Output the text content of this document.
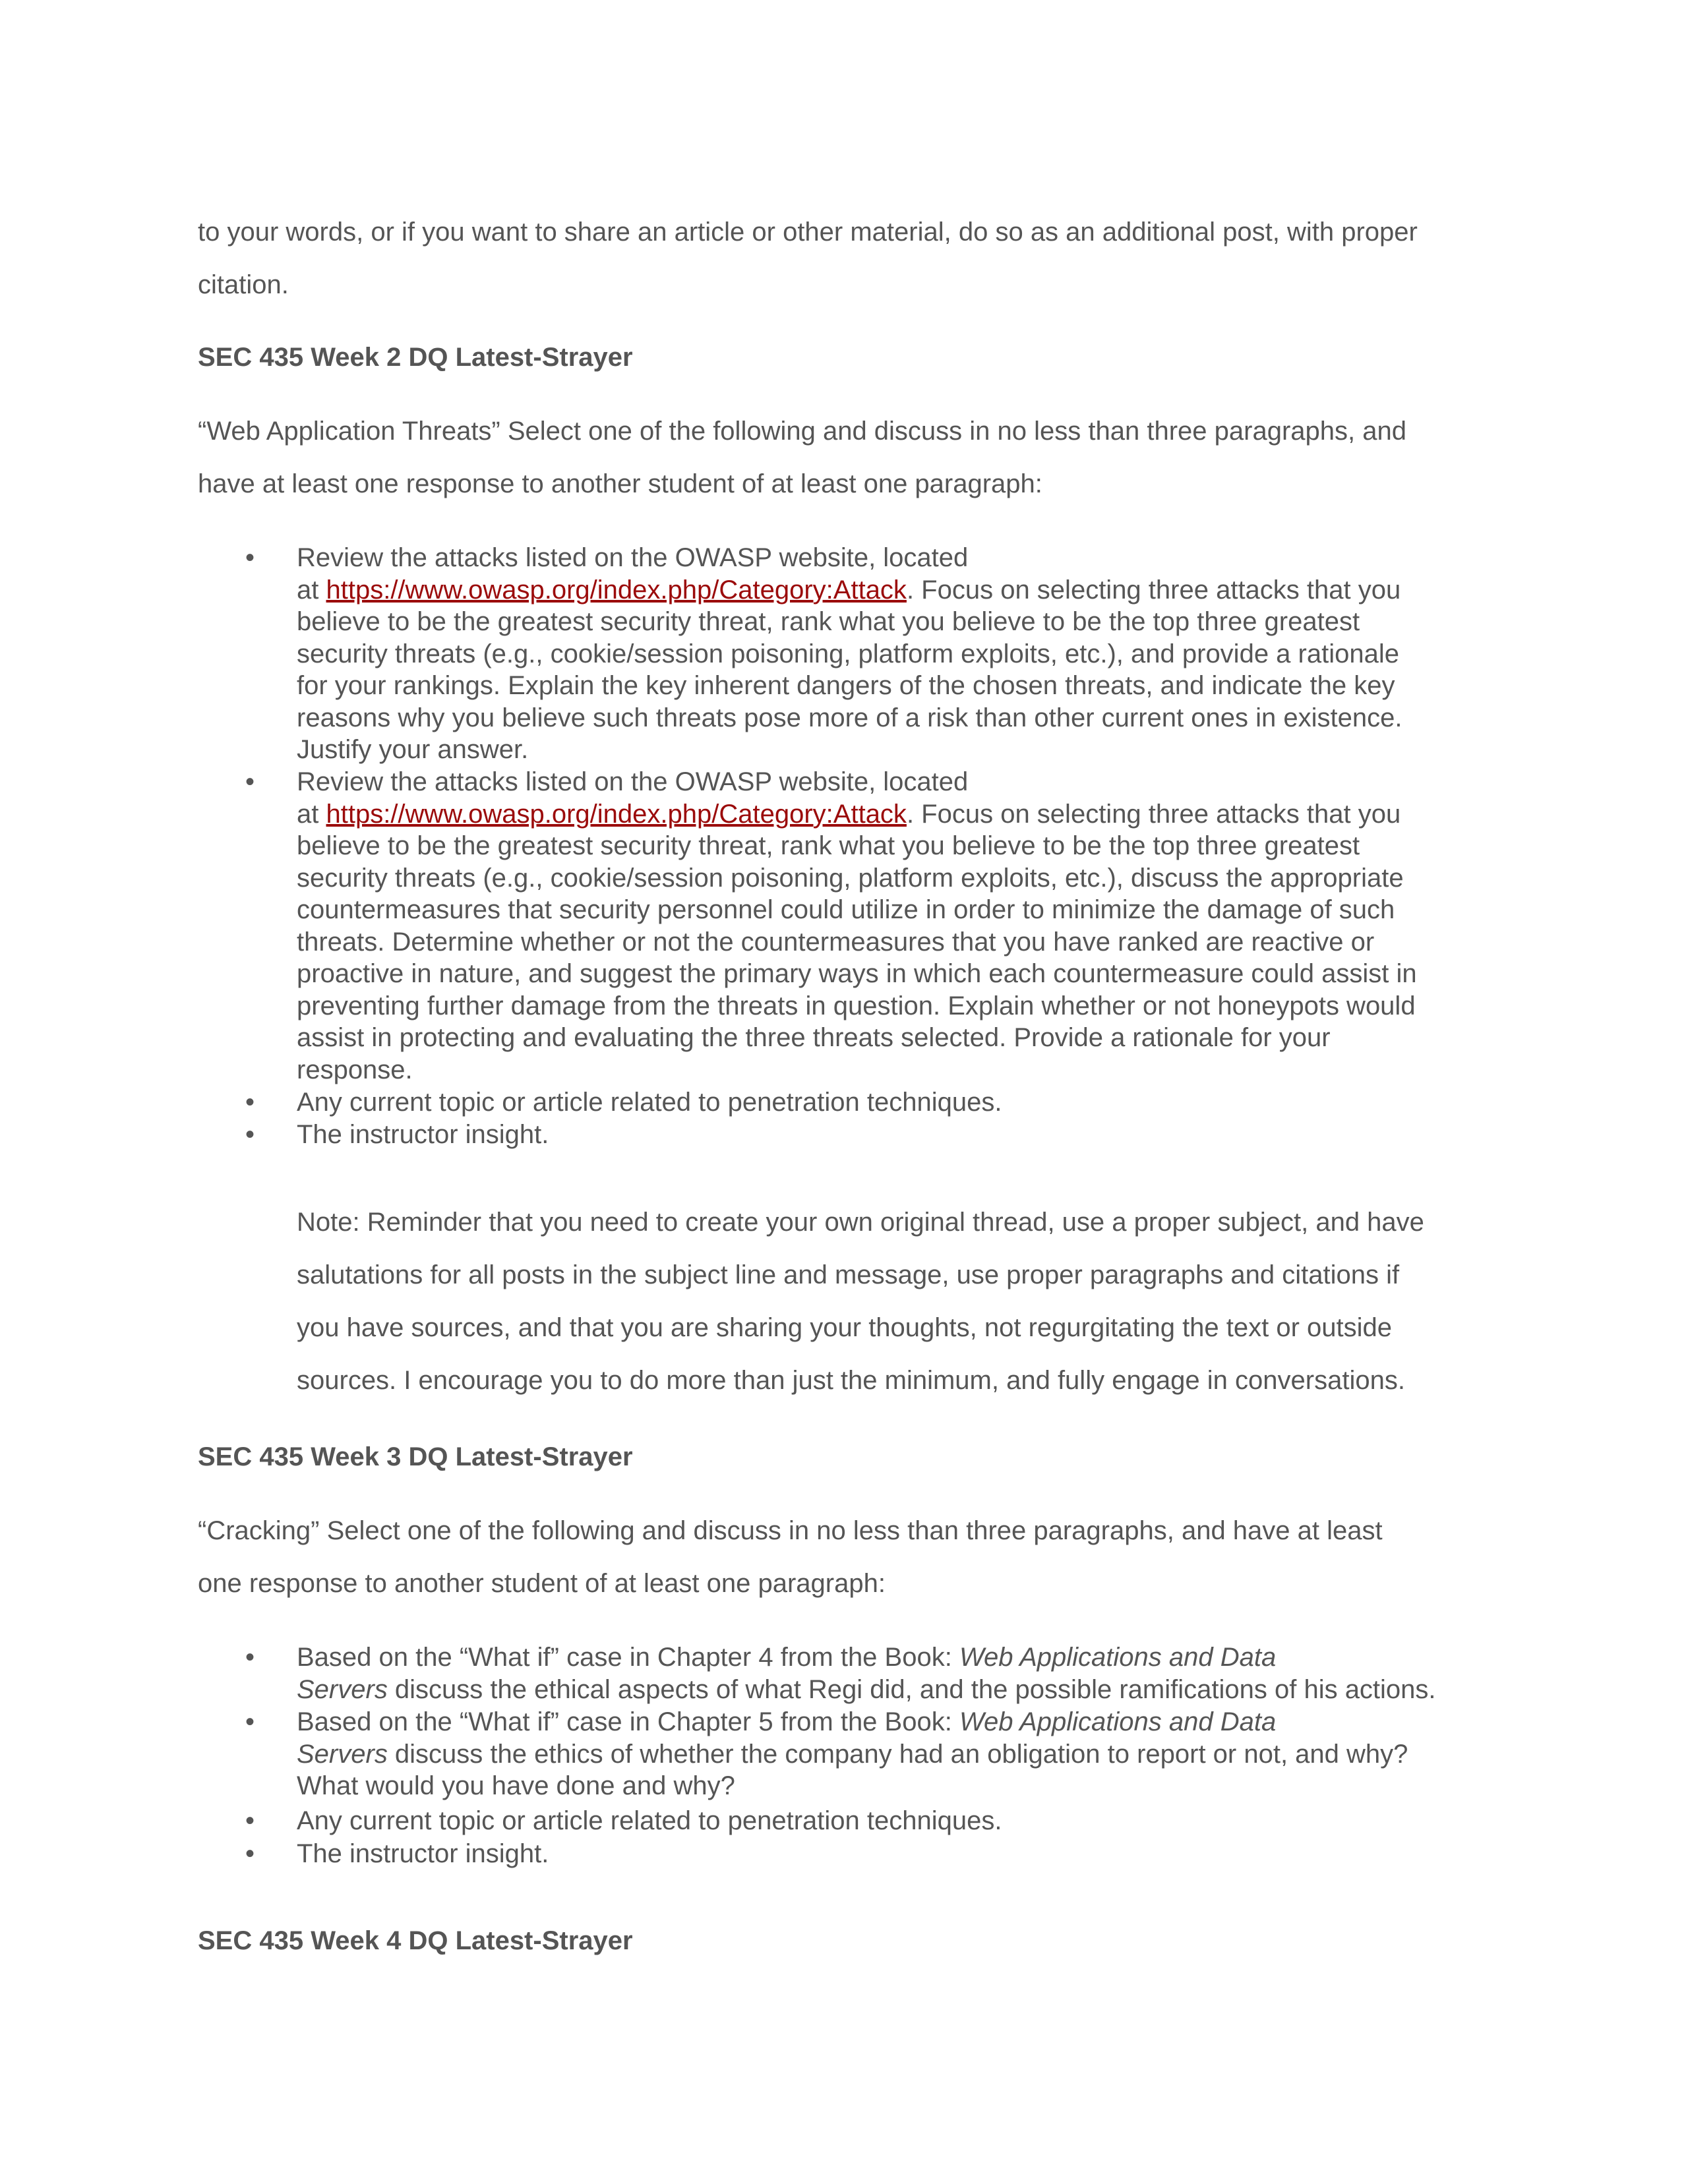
to your words, or if you want to share an article or other material, do so as an additional post, with proper

citation.

SEC 435 Week 2 DQ Latest-Strayer

“Web Application Threats” Select one of the following and discuss in no less than three paragraphs, and

have at least one response to another student of at least one paragraph:

• Review the attacks listed on the OWASP website, located
at https://www.owasp.org/index.php/Category:Attack. Focus on selecting three attacks that you
believe to be the greatest security threat, rank what you believe to be the top three greatest
security threats (e.g., cookie/session poisoning, platform exploits, etc.), and provide a rationale
for your rankings. Explain the key inherent dangers of the chosen threats, and indicate the key
reasons why you believe such threats pose more of a risk than other current ones in existence.
Justify your answer.
• Review the attacks listed on the OWASP website, located
at https://www.owasp.org/index.php/Category:Attack. Focus on selecting three attacks that you
believe to be the greatest security threat, rank what you believe to be the top three greatest
security threats (e.g., cookie/session poisoning, platform exploits, etc.), discuss the appropriate
countermeasures that security personnel could utilize in order to minimize the damage of such
threats. Determine whether or not the countermeasures that you have ranked are reactive or
proactive in nature, and suggest the primary ways in which each countermeasure could assist in
preventing further damage from the threats in question. Explain whether or not honeypots would
assist in protecting and evaluating the three threats selected. Provide a rationale for your
response.
• Any current topic or article related to penetration techniques.
• The instructor insight.

Note: Reminder that you need to create your own original thread, use a proper subject, and have

salutations for all posts in the subject line and message, use proper paragraphs and citations if

you have sources, and that you are sharing your thoughts, not regurgitating the text or outside

sources. I encourage you to do more than just the minimum, and fully engage in conversations.

SEC 435 Week 3 DQ Latest-Strayer

“Cracking” Select one of the following and discuss in no less than three paragraphs, and have at least

one response to another student of at least one paragraph:

• Based on the “What if” case in Chapter 4 from the Book: Web Applications and Data
Servers discuss the ethical aspects of what Regi did, and the possible ramifications of his actions.
• Based on the “What if” case in Chapter 5 from the Book: Web Applications and Data
Servers discuss the ethics of whether the company had an obligation to report or not, and why?
What would you have done and why?
• Any current topic or article related to penetration techniques.
• The instructor insight.

SEC 435 Week 4 DQ Latest-Strayer
